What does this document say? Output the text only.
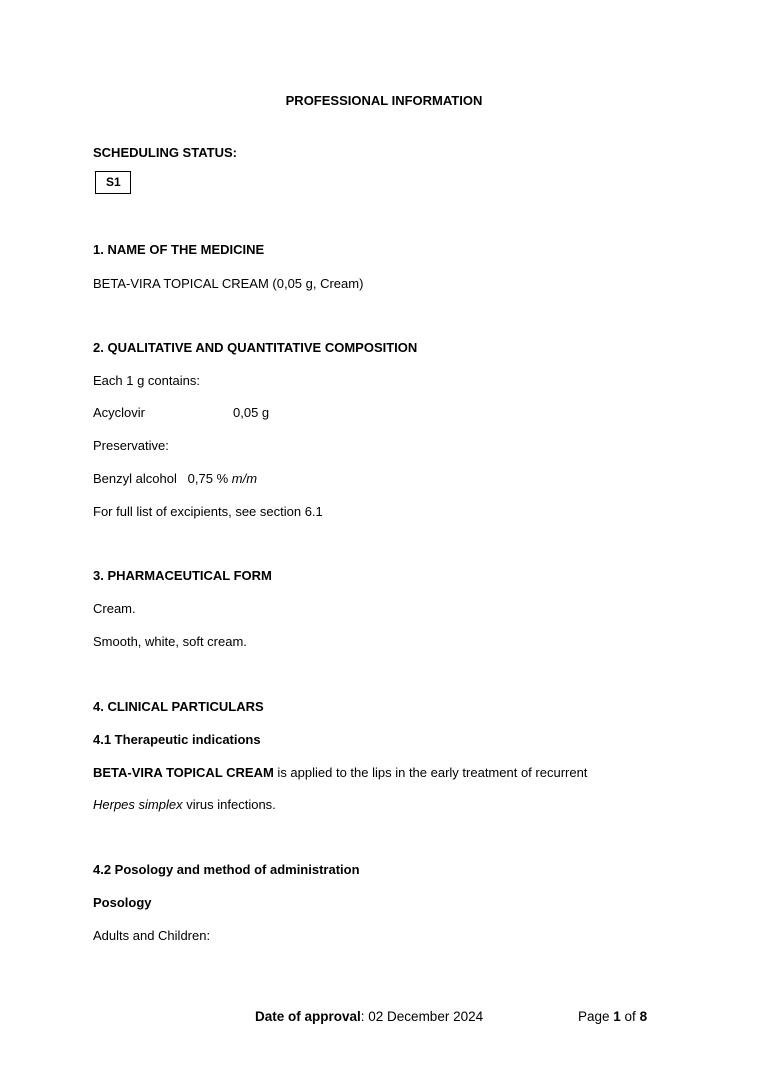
PROFESSIONAL INFORMATION
SCHEDULING STATUS:
S1
1. NAME OF THE MEDICINE
BETA-VIRA TOPICAL CREAM (0,05 g, Cream)
2. QUALITATIVE AND QUANTITATIVE COMPOSITION
Each 1 g contains:
Acyclovir	0,05 g
Preservative:
Benzyl alcohol 0,75 % m/m
For full list of excipients, see section 6.1
3. PHARMACEUTICAL FORM
Cream.
Smooth, white, soft cream.
4. CLINICAL PARTICULARS
4.1 Therapeutic indications
BETA-VIRA TOPICAL CREAM is applied to the lips in the early treatment of recurrent
Herpes simplex virus infections.
4.2 Posology and method of administration
Posology
Adults and Children:
Date of approval: 02 December 2024	Page 1 of 8
